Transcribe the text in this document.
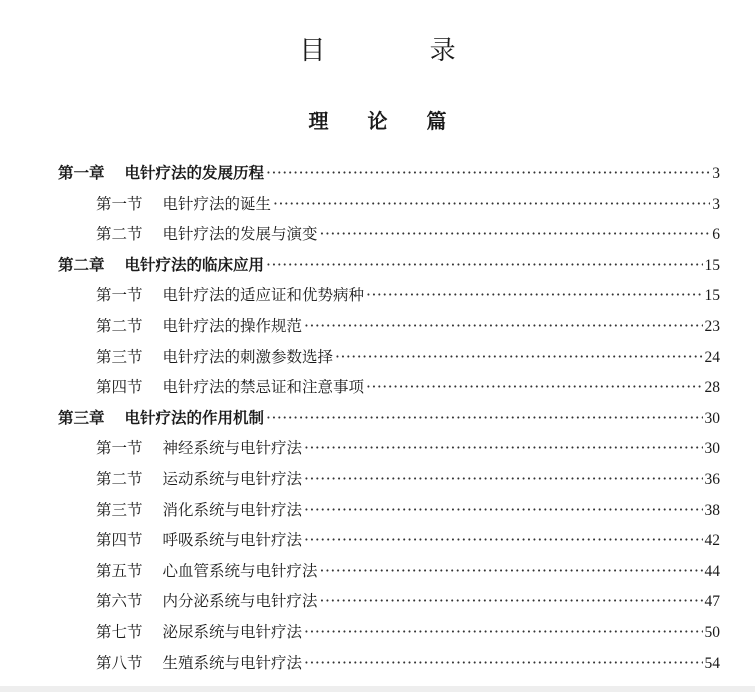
目 录
理 论 篇
第一章 电针疗法的发展历程 ·····	3
第一节 电针疗法的诞生 ·····	3
第二节 电针疗法的发展与演变 ·····	6
第二章 电针疗法的临床应用 ·····	15
第一节 电针疗法的适应证和优势病种 ·····	15
第二节 电针疗法的操作规范 ·····	23
第三节 电针疗法的刺激参数选择 ·····	24
第四节 电针疗法的禁忌证和注意事项 ·····	28
第三章 电针疗法的作用机制 ·····	30
第一节 神经系统与电针疗法 ·····	30
第二节 运动系统与电针疗法 ·····	36
第三节 消化系统与电针疗法 ·····	38
第四节 呼吸系统与电针疗法 ·····	42
第五节 心血管系统与电针疗法 ·····	44
第六节 内分泌系统与电针疗法 ·····	47
第七节 泌尿系统与电针疗法 ·····	50
第八节 生殖系统与电针疗法 ·····	54
